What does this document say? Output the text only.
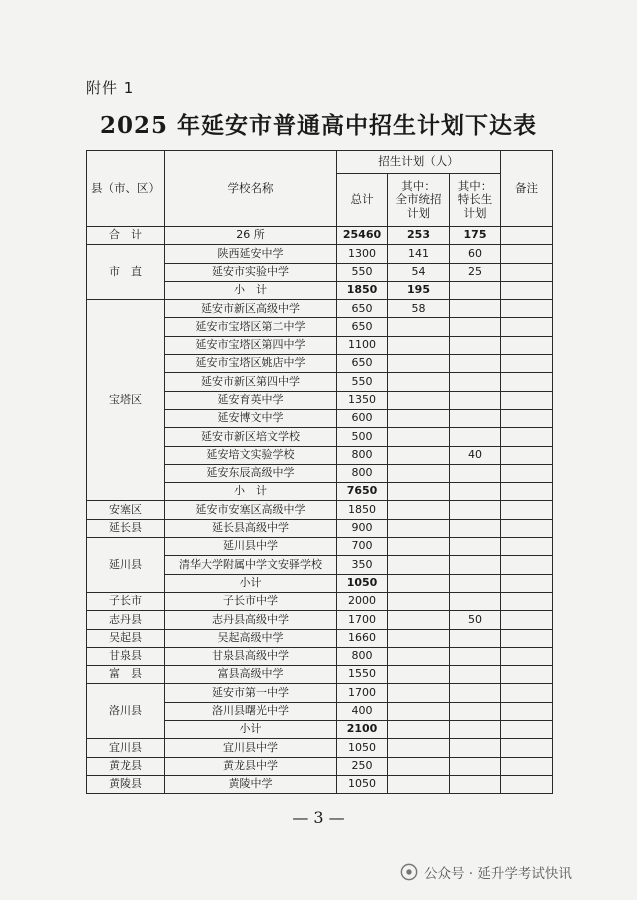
附件 1
2025 年延安市普通高中招生计划下达表
县（市、区）	学校名称	招生计划（人）			备注
		总计	其中：
全市统招
计划	其中：
特长生
计划	
合　计	26 所	25460	253	175	
市　直	陕西延安中学	1300	141	60	
	延安市实验中学	550	54	25	
	小　计	1850	195		
宝塔区	延安市新区高级中学	650	58		
	延安市宝塔区第二中学	650			
	延安市宝塔区第四中学	1100			
	延安市宝塔区姚店中学	650			
	延安市新区第四中学	550			
	延安育英中学	1350			
	延安博文中学	600			
	延安市新区培文学校	500			
	延安培文实验学校	800		40	
	延安东辰高级中学	800			
	小　计	7650			
安塞区	延安市安塞区高级中学	1850			
延长县	延长县高级中学	900			
延川县	延川县中学	700			
	清华大学附属中学文安驿学校	350			
	小计	1050			
子长市	子长市中学	2000			
志丹县	志丹县高级中学	1700		50	
吴起县	吴起高级中学	1660			
甘泉县	甘泉县高级中学	800			
富　县	富县高级中学	1550			
洛川县	延安市第一中学	1700			
	洛川县曙光中学	400			
	小计	2100			
宜川县	宜川县中学	1050			
黄龙县	黄龙县中学	250			
黄陵县	黄陵中学	1050			
— 3 —
公众号 · 延升学考试快讯
